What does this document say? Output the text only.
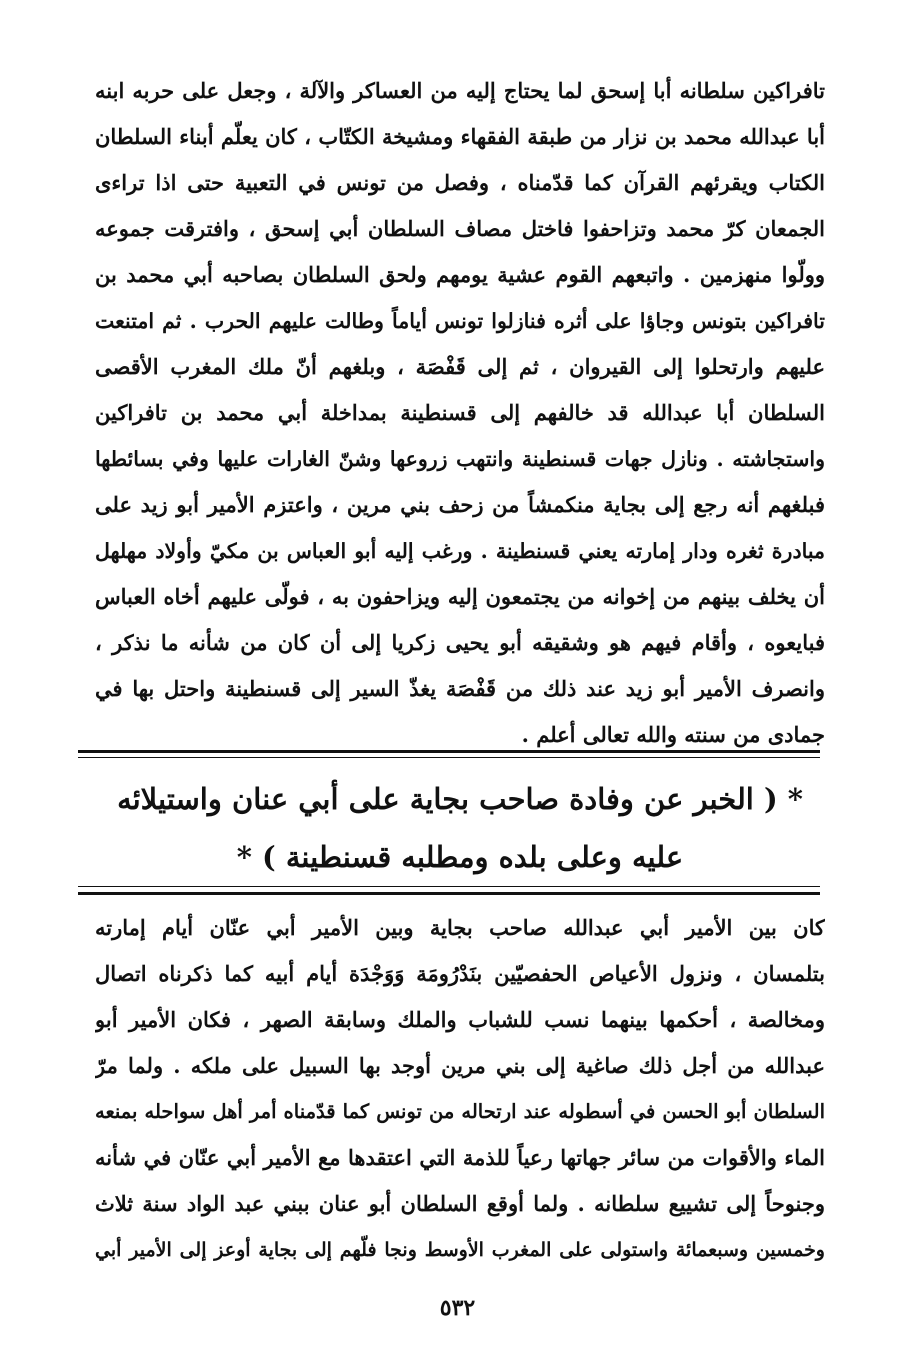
تافراكين سلطانه أبا إسحق لما يحتاج إليه من العساكر والآلة ، وجعل على حربه ابنه
أبا عبدالله محمد بن نزار من طبقة الفقهاء ومشيخة الكتّاب ، كان يعلّم أبناء السلطان
الكتاب ويقرئهم القرآن كما قدّمناه ، وفصل من تونس في التعبية حتى اذا تراءى
الجمعان كرّ محمد وتزاحفوا فاختل مصاف السلطان أبي إسحق ، وافترقت جموعه
وولّوا منهزمين . واتبعهم القوم عشية يومهم ولحق السلطان بصاحبه أبي محمد بن
تافراكين بتونس وجاؤا على أثره فنازلوا تونس أياماً وطالت عليهم الحرب . ثم امتنعت
عليهم وارتحلوا إلى القيروان ، ثم إلى قَفْصَة ، وبلغهم أنّ ملك المغرب الأقصى
السلطان أبا عبدالله قد خالفهم إلى قسنطينة بمداخلة أبي محمد بن تافراكين
واستجاشته . ونازل جهات قسنطينة وانتهب زروعها وشنّ الغارات عليها وفي بسائطها
فبلغهم أنه رجع إلى بجاية منكمشاً من زحف بني مرين ، واعتزم الأمير أبو زيد على
مبادرة ثغره ودار إمارته يعني قسنطينة . ورغب إليه أبو العباس بن مكيّ وأولاد مهلهل
أن يخلف بينهم من إخوانه من يجتمعون إليه ويزاحفون به ، فولّى عليهم أخاه العباس
فبايعوه ، وأقام فيهم هو وشقيقه أبو يحيى زكريا إلى أن كان من شأنه ما نذكر ،
وانصرف الأمير أبو زيد عند ذلك من قَفْصَة يغذّ السير إلى قسنطينة واحتل بها في
جمادى من سنته والله تعالى أعلم .
* ( الخبر عن وفادة صاحب بجاية على أبي عنان واستيلائه
عليه وعلى بلده ومطلبه قسنطينة ) *
كان بين الأمير أبي عبدالله صاحب بجاية وبين الأمير أبي عنّان أيام إمارته
بتلمسان ، ونزول الأعياص الحفصيّين بنَدْرُومَة وَوَجْدَة أيام أبيه كما ذكرناه اتصال
ومخالصة ، أحكمها بينهما نسب للشباب والملك وسابقة الصهر ، فكان الأمير أبو
عبدالله من أجل ذلك صاغية إلى بني مرين أوجد بها السبيل على ملكه . ولما مرّ
السلطان أبو الحسن في أسطوله عند ارتحاله من تونس كما قدّمناه أمر أهل سواحله بمنعه
الماء والأقوات من سائر جهاتها رعياً للذمة التي اعتقدها مع الأمير أبي عنّان في شأنه
وجنوحاً إلى تشييع سلطانه . ولما أوقع السلطان أبو عنان ببني عبد الواد سنة ثلاث
وخمسين وسبعمائة واستولى على المغرب الأوسط ونجا فلّهم إلى بجاية أوعز إلى الأمير أبي
٥٣٢
